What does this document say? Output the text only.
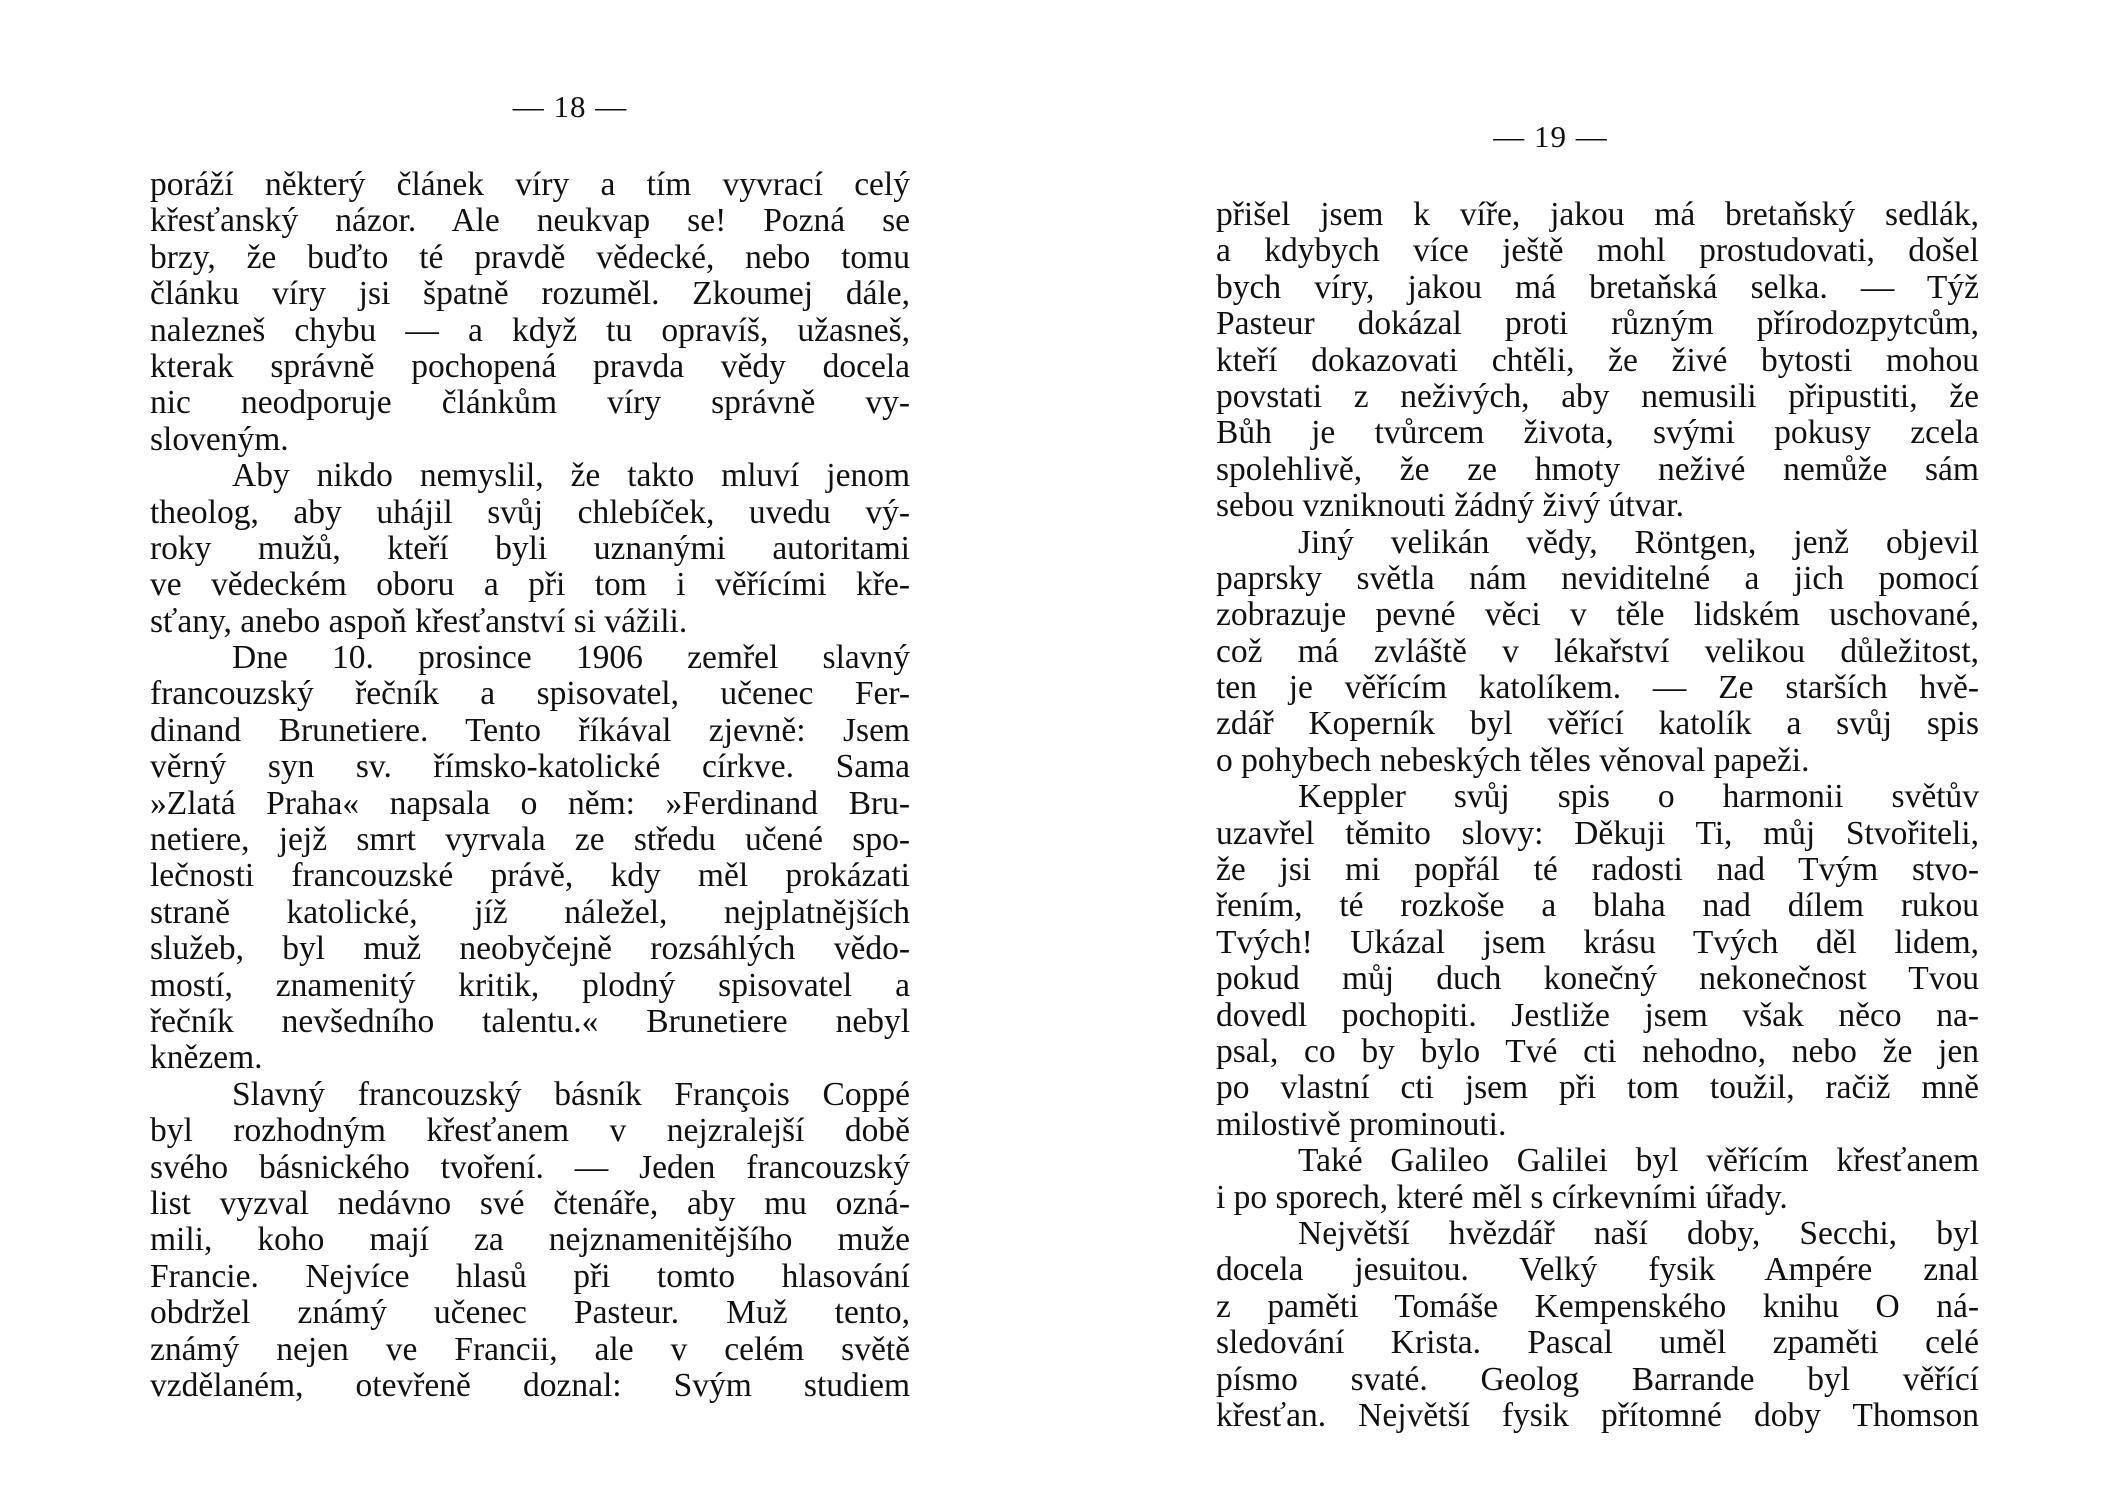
— 18 —
poráží některý článek víry a tím vyvrací celý
křesťanský názor. Ale neukvap se! Pozná se
brzy, že buďto té pravdě vědecké, nebo tomu
článku víry jsi špatně rozuměl. Zkoumej dále,
nalezneš chybu — a když tu opravíš, užasneš,
kterak správně pochopená pravda vědy docela
nic neodporuje článkům víry správně vy-
sloveným.
Aby nikdo nemyslil, že takto mluví jenom
theolog, aby uhájil svůj chlebíček, uvedu vý-
roky mužů, kteří byli uznanými autoritami
ve vědeckém oboru a při tom i věřícími kře-
sťany, anebo aspoň křesťanství si vážili.
Dne 10. prosince 1906 zemřel slavný
francouzský řečník a spisovatel, učenec Fer-
dinand Brunetiere. Tento říkával zjevně: Jsem
věrný syn sv. římsko-katolické církve. Sama
»Zlatá Praha« napsala o něm: »Ferdinand Bru-
netiere, jejž smrt vyrvala ze středu učené spo-
lečnosti francouzské právě, kdy měl prokázati
straně katolické, jíž náležel, nejplatnějších
služeb, byl muž neobyčejně rozsáhlých vědo-
mostí, znamenitý kritik, plodný spisovatel a
řečník nevšedního talentu.« Brunetiere nebyl
knězem.
Slavný francouzský básník François Coppé
byl rozhodným křesťanem v nejzralejší době
svého básnického tvoření. — Jeden francouzský
list vyzval nedávno své čtenáře, aby mu ozná-
mili, koho mají za nejznamenitějšího muže
Francie. Nejvíce hlasů při tomto hlasování
obdržel známý učenec Pasteur. Muž tento,
známý nejen ve Francii, ale v celém světě
vzdělaném, otevřeně doznal: Svým studiem
— 19 —
přišel jsem k víře, jakou má bretaňský sedlák,
a kdybych více ještě mohl prostudovati, došel
bych víry, jakou má bretaňská selka. — Týž
Pasteur dokázal proti různým přírodozpytcům,
kteří dokazovati chtěli, že živé bytosti mohou
povstati z neživých, aby nemusili připustiti, že
Bůh je tvůrcem života, svými pokusy zcela
spolehlivě, že ze hmoty neživé nemůže sám
sebou vzniknouti žádný živý útvar.
Jiný velikán vědy, Röntgen, jenž objevil
paprsky světla nám neviditelné a jich pomocí
zobrazuje pevné věci v těle lidském uschované,
což má zvláště v lékařství velikou důležitost,
ten je věřícím katolíkem. — Ze starších hvě-
zdář Koperník byl věřící katolík a svůj spis
o pohybech nebeských těles věnoval papeži.
Keppler svůj spis o harmonii světův
uzavřel těmito slovy: Děkuji Ti, můj Stvořiteli,
že jsi mi popřál té radosti nad Tvým stvo-
řením, té rozkoše a blaha nad dílem rukou
Tvých! Ukázal jsem krásu Tvých děl lidem,
pokud můj duch konečný nekonečnost Tvou
dovedl pochopiti. Jestliže jsem však něco na-
psal, co by bylo Tvé cti nehodno, nebo že jen
po vlastní cti jsem při tom toužil, račiž mně
milostivě prominouti.
Také Galileo Galilei byl věřícím křesťanem
i po sporech, které měl s církevními úřady.
Největší hvězdář naší doby, Secchi, byl
docela jesuitou. Velký fysik Ampére znal
z paměti Tomáše Kempenského knihu O ná-
sledování Krista. Pascal uměl zpaměti celé
písmo svaté. Geolog Barrande byl věřící
křesťan. Největší fysik přítomné doby Thomson
